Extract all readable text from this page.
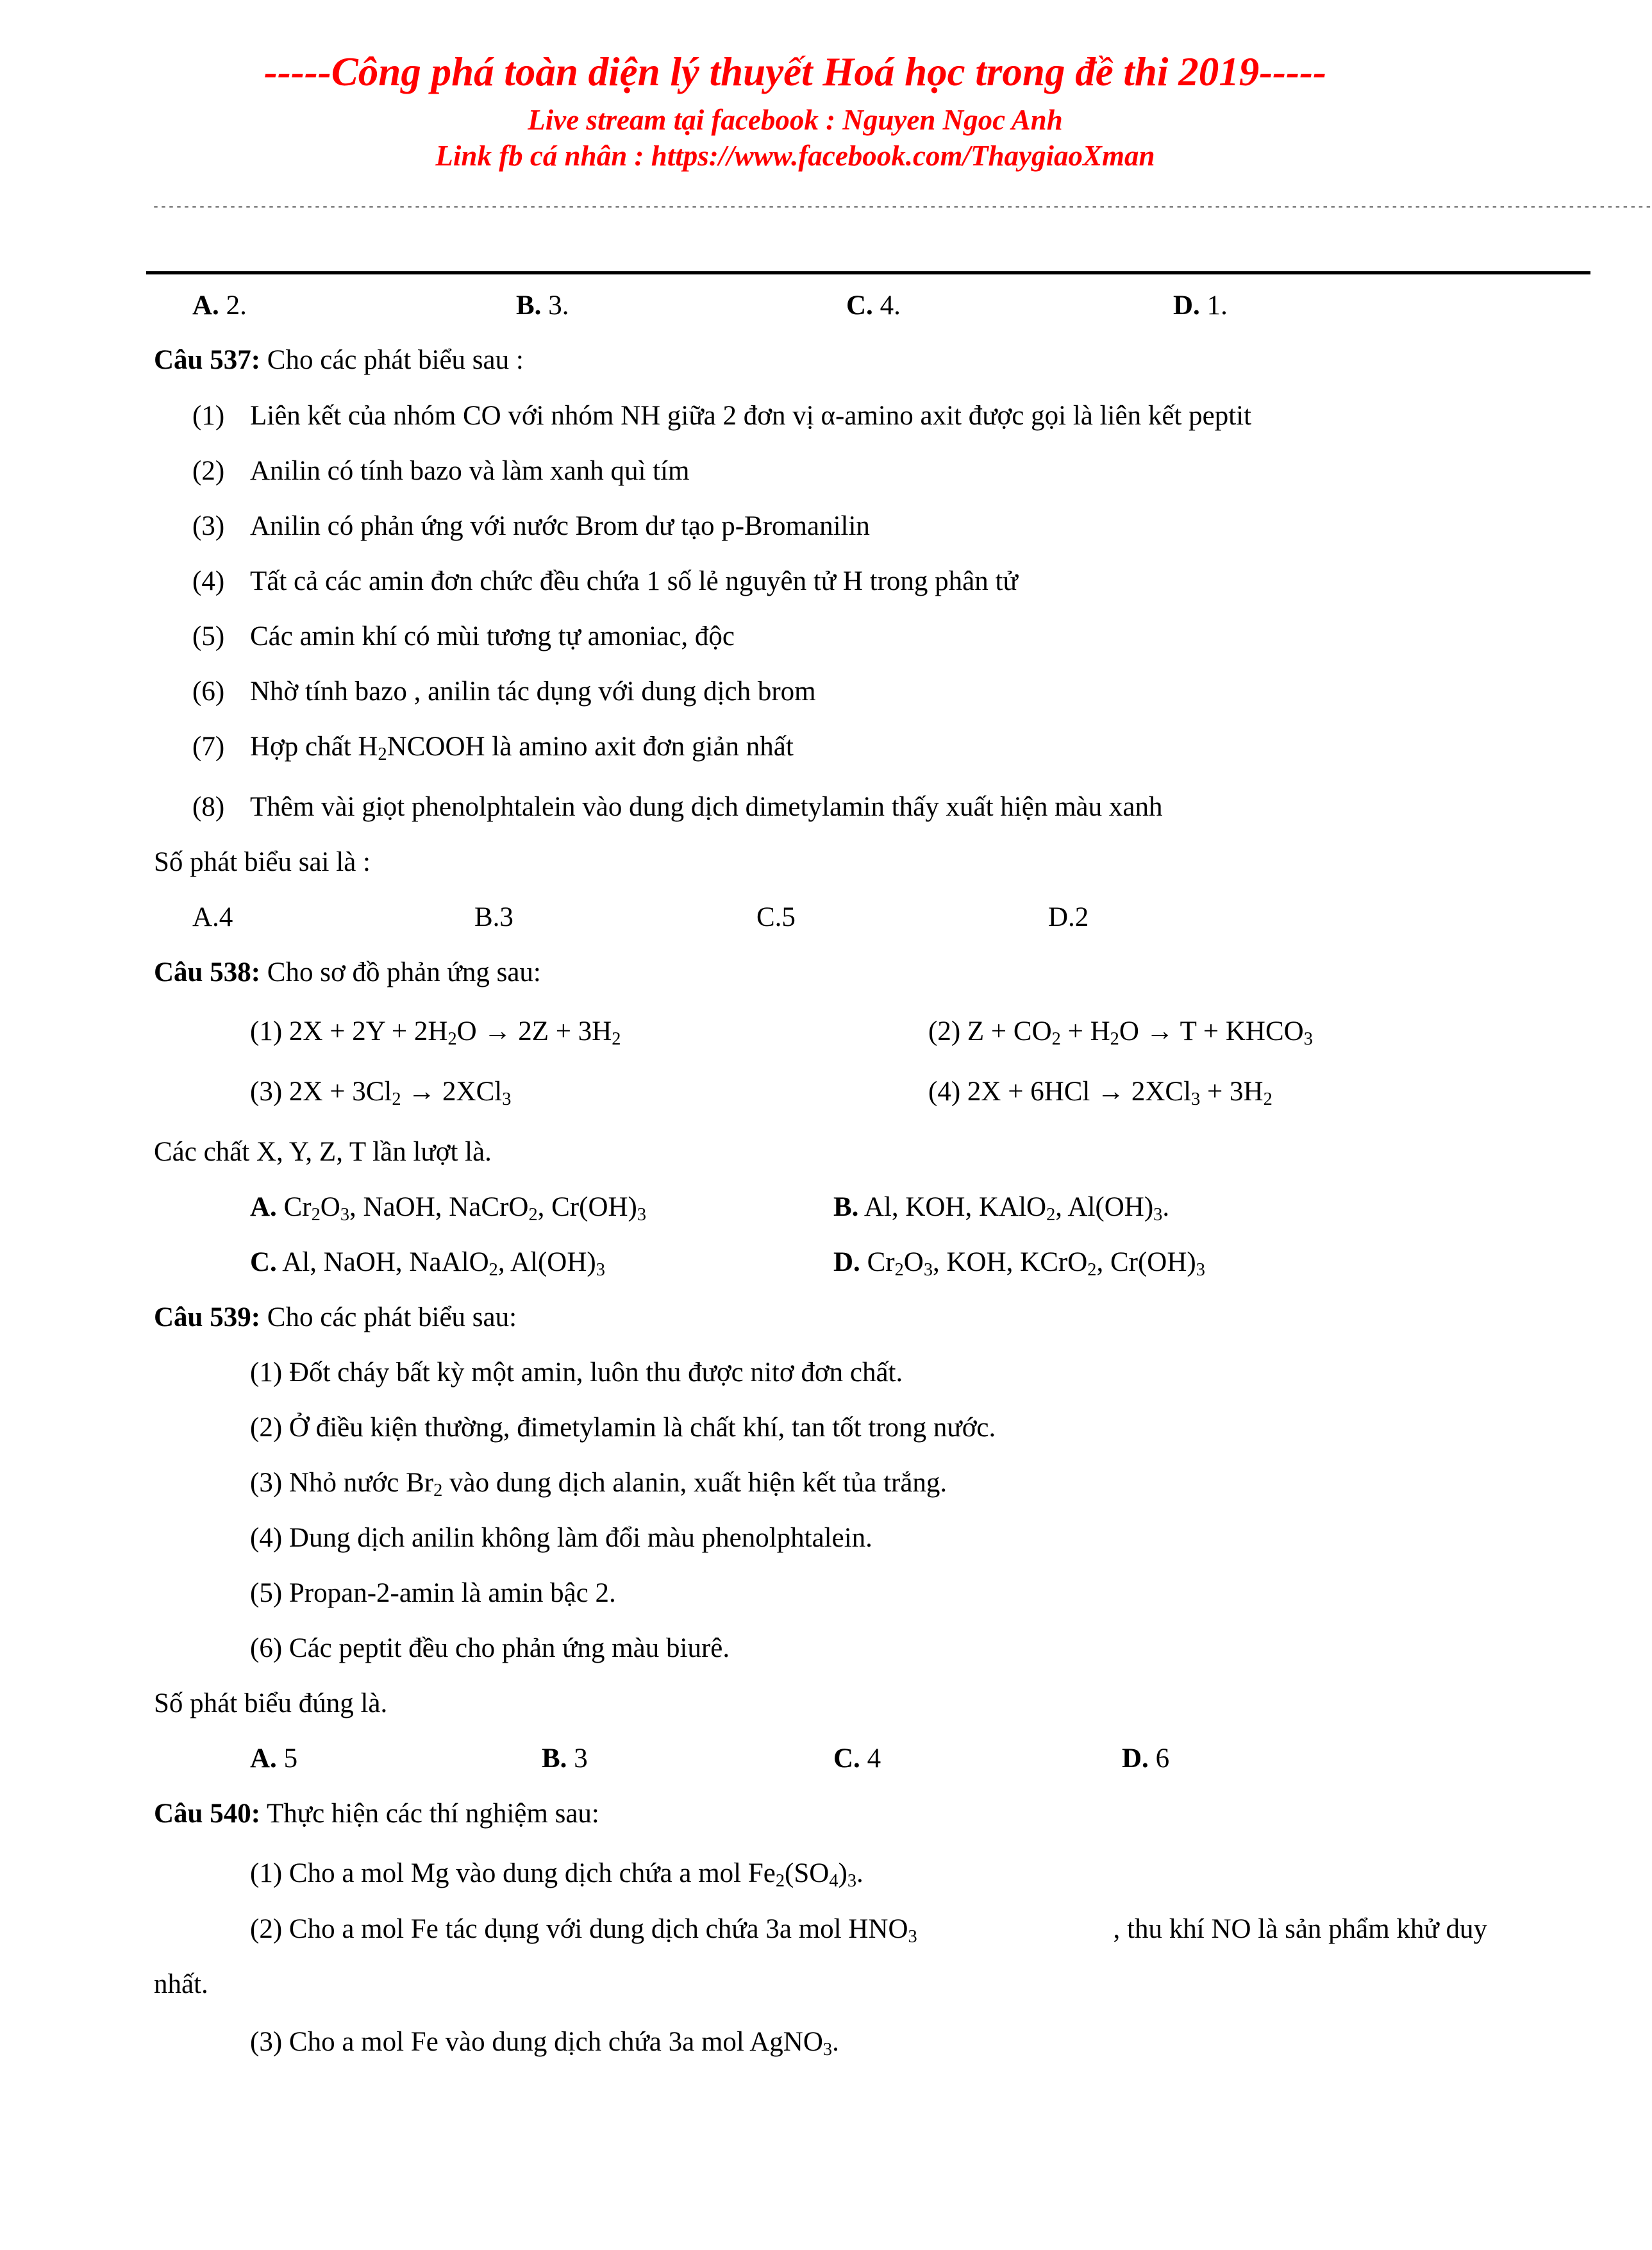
-----Công phá toàn diện lý thuyết Hoá học trong đề thi 2019-----
Live stream tại facebook : Nguyen Ngoc Anh
Link fb cá nhân : https://www.facebook.com/ThaygiaoXman
---------------------------------------------------------------------------------------------------------------------------------------------------------------------------------------------------
A. 2.	B. 3.	C. 4.	D. 1.
Câu 537: Cho các phát biểu sau :
(1) Liên kết của nhóm CO với nhóm NH giữa 2 đơn vị α-amino axit được gọi là liên kết peptit
(2) Anilin có tính bazo và làm xanh quì tím
(3) Anilin có phản ứng với nước Brom dư tạo p-Bromanilin
(4) Tất cả các amin đơn chức đều chứa 1 số lẻ nguyên tử H trong phân tử
(5) Các amin khí có mùi tương tự amoniac, độc
(6) Nhờ tính bazo , anilin tác dụng với dung dịch brom
(7) Hợp chất $H_2NCOOH$ là amino axit đơn giản nhất
(8) Thêm vài giọt phenolphtalein vào dung dịch dimetylamin thấy xuất hiện màu xanh
Số phát biểu sai là :
A.4	B.3	C.5	D.2
Câu 538: Cho sơ đồ phản ứng sau:
(1) $2X + 2Y + 2H_2O \to 2Z + 3H_2$	(2) $Z + CO_2 + H_2O \to T$ + $KHCO_3$
(3) $2X + 3Cl_2 \to 2XCl_3$	(4) $2X + 6HCl \to 2XCl_3 + 3H_2$
Các chất X, Y, Z, T lần lượt là.
A. $Cr_2O_3$, NaOH, NaCrO$_2$, $Cr(OH)_3$	B. Al, KOH, KAlO$_2$, $Al(OH)_3$.
C. Al, NaOH, NaAlO$_2$, $Al(OH)_3$	D. $Cr_2O_3$, KOH, KCrO$_2$, $Cr(OH)_3$
Câu 539: Cho các phát biểu sau:
(1) Đốt cháy bất kỳ một amin, luôn thu được nitơ đơn chất.
(2) Ở điều kiện thường, đimetylamin là chất khí, tan tốt trong nước.
(3) Nhỏ nước $Br_2$ vào dung dịch alanin, xuất hiện kết tủa trắng.
(4) Dung dịch anilin không làm đổi màu phenolphtalein.
(5) Propan-2-amin là amin bậc 2.
(6) Các peptit đều cho phản ứng màu biurê.
Số phát biểu đúng là.
A. 5	B. 3	C. 4	D. 6
Câu 540: Thực hiện các thí nghiệm sau:
(1) Cho a mol Mg vào dung dịch chứa a mol $Fe_2(SO_4)_3$.
(2) Cho a mol Fe tác dụng với dung dịch chứa 3a mol $HNO_3$	, thu khí NO là sản phẩm khử duy
nhất.
(3) Cho a mol Fe vào dung dịch chứa 3a mol AgNO$_3$.
